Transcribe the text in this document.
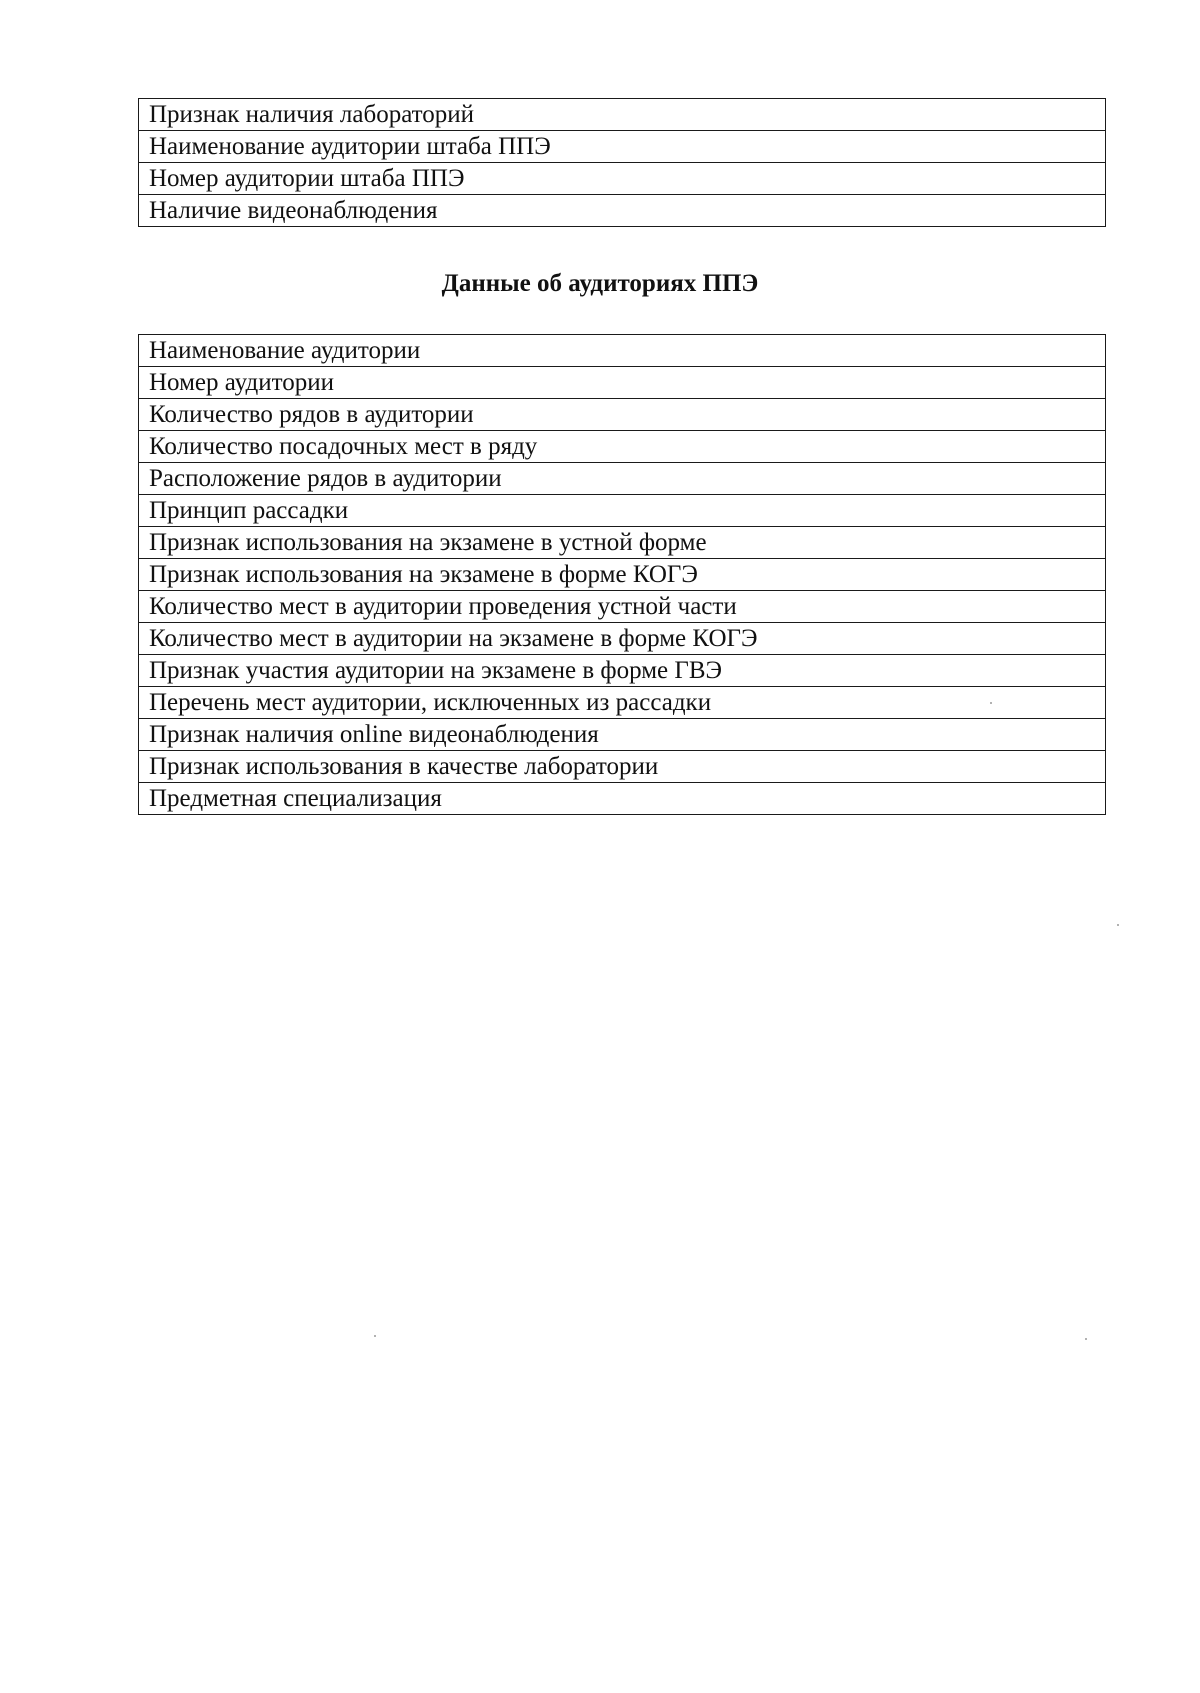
Признак наличия лабораторий
Наименование аудитории штаба ППЭ
Номер аудитории штаба ППЭ
Наличие видеонаблюдения
Данные об аудиториях ППЭ
Наименование аудитории
Номер аудитории
Количество рядов в аудитории
Количество посадочных мест в ряду
Расположение рядов в аудитории
Принцип рассадки
Признак использования на экзамене в устной форме
Признак использования на экзамене в форме КОГЭ
Количество мест в аудитории проведения устной части
Количество мест в аудитории на экзамене в форме КОГЭ
Признак участия аудитории на экзамене в форме ГВЭ
Перечень мест аудитории, исключенных из рассадки
Признак наличия online видеонаблюдения
Признак использования в качестве лаборатории
Предметная специализация
